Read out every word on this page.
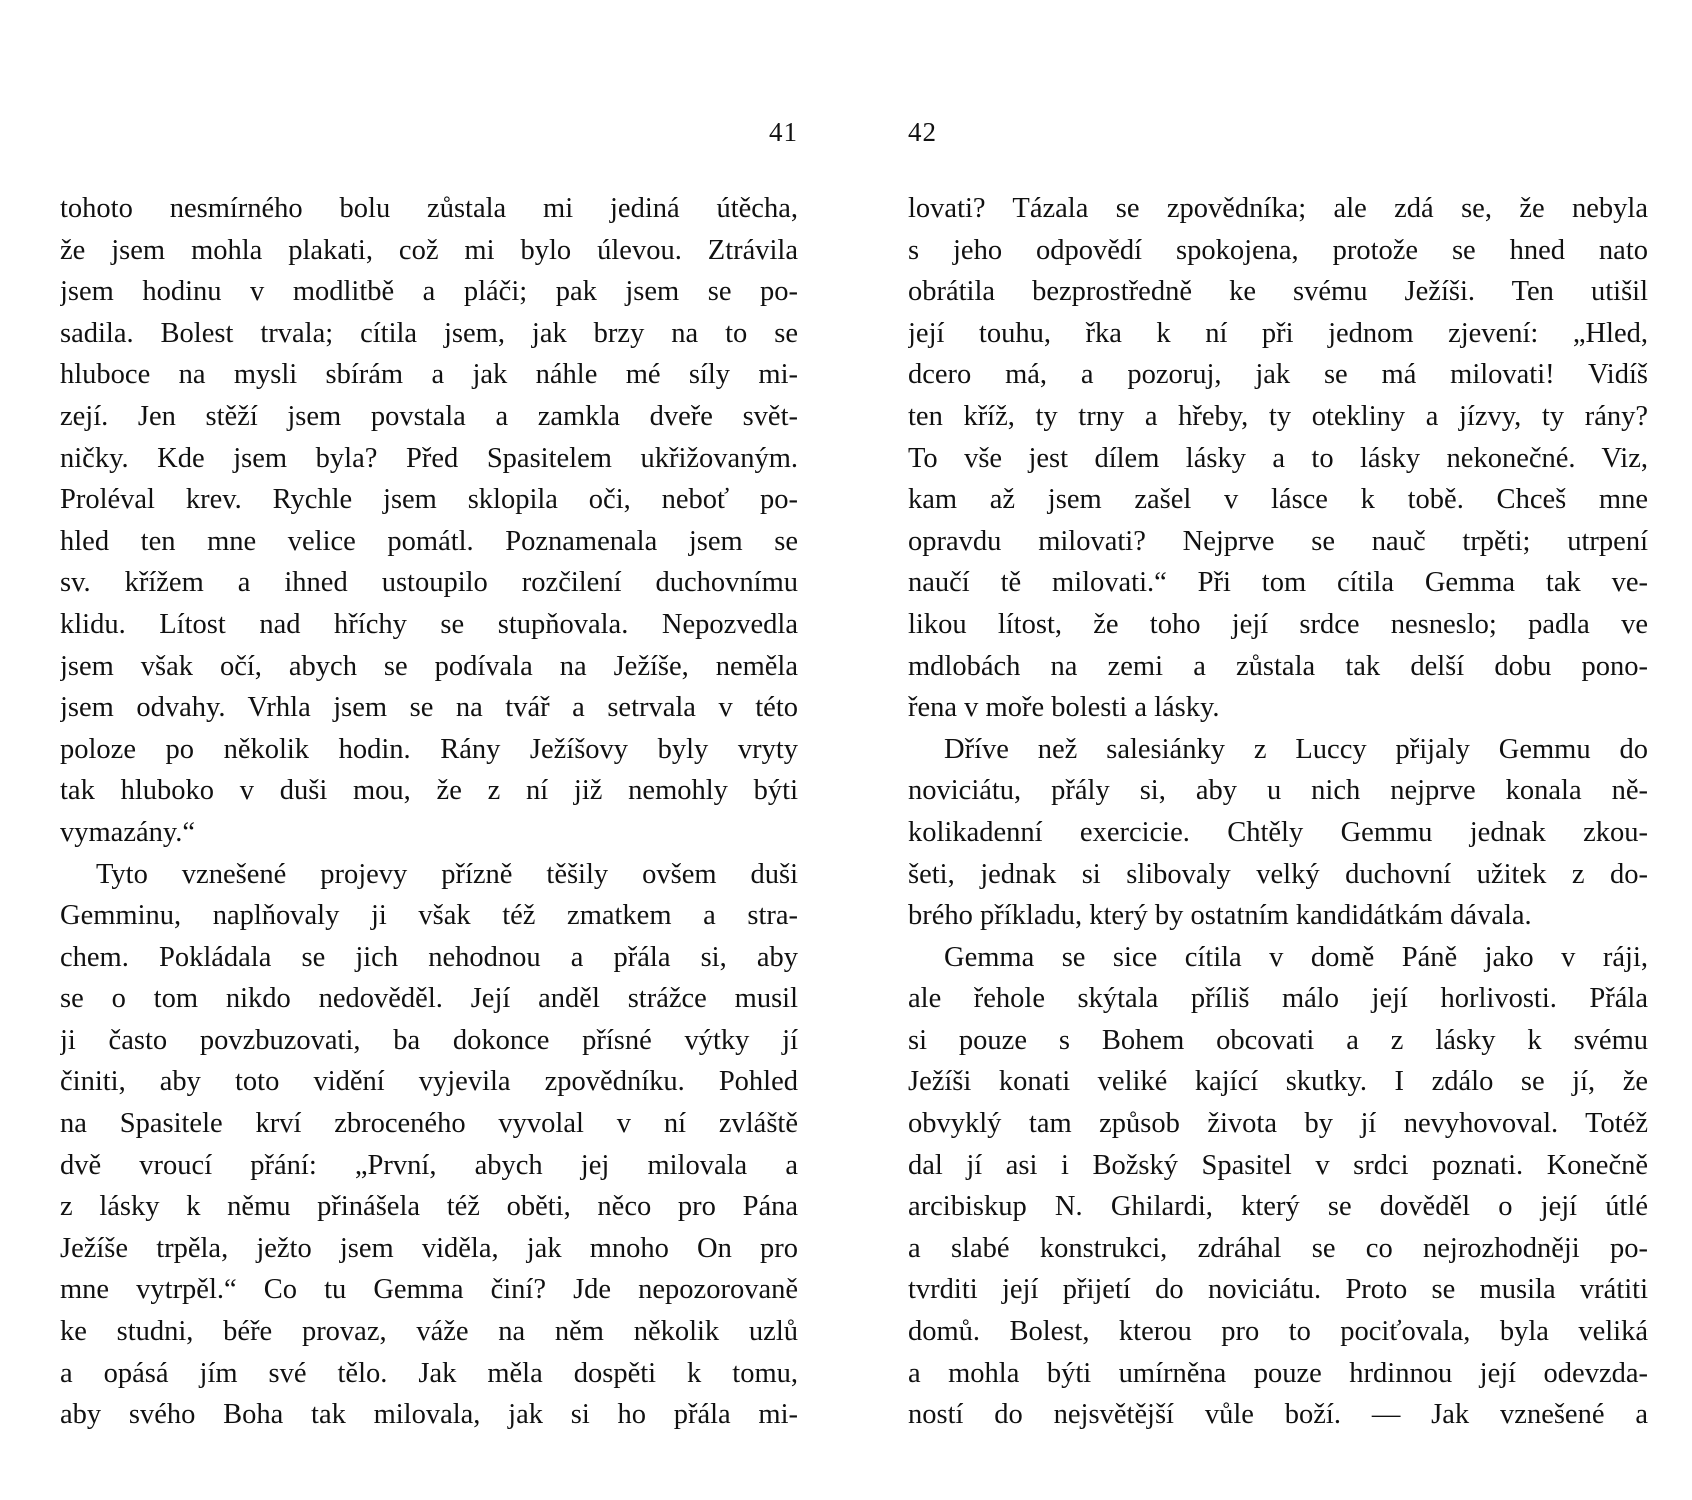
41
tohoto nesmírného bolu zůstala mi jediná útěcha,
že jsem mohla plakati, což mi bylo úlevou. Ztrávila
jsem hodinu v modlitbě a pláči; pak jsem se po-
sadila. Bolest trvala; cítila jsem, jak brzy na to se
hluboce na mysli sbírám a jak náhle mé síly mi-
zejí. Jen stěží jsem povstala a zamkla dveře svět-
ničky. Kde jsem byla? Před Spasitelem ukřižovaným.
Proléval krev. Rychle jsem sklopila oči, neboť po-
hled ten mne velice pomátl. Poznamenala jsem se
sv. křížem a ihned ustoupilo rozčilení duchovnímu
klidu. Lítost nad hříchy se stupňovala. Nepozvedla
jsem však očí, abych se podívala na Ježíše, neměla
jsem odvahy. Vrhla jsem se na tvář a setrvala v této
poloze po několik hodin. Rány Ježíšovy byly vryty
tak hluboko v duši mou, že z ní již nemohly býti
vymazány.“
Tyto vznešené projevy přízně těšily ovšem duši
Gemminu, naplňovaly ji však též zmatkem a stra-
chem. Pokládala se jich nehodnou a přála si, aby
se o tom nikdo nedověděl. Její anděl strážce musil
ji často povzbuzovati, ba dokonce přísné výtky jí
činiti, aby toto vidění vyjevila zpovědníku. Pohled
na Spasitele krví zbroceného vyvolal v ní zvláště
dvě vroucí přání: „První, abych jej milovala a
z lásky k němu přinášela též oběti, něco pro Pána
Ježíše trpěla, ježto jsem viděla, jak mnoho On pro
mne vytrpěl.“ Co tu Gemma činí? Jde nepozorovaně
ke studni, béře provaz, váže na něm několik uzlů
a opásá jím své tělo. Jak měla dospěti k tomu,
aby svého Boha tak milovala, jak si ho přála mi-
42
lovati? Tázala se zpovědníka; ale zdá se, že nebyla
s jeho odpovědí spokojena, protože se hned nato
obrátila bezprostředně ke svému Ježíši. Ten utišil
její touhu, řka k ní při jednom zjevení: „Hled,
dcero má, a pozoruj, jak se má milovati! Vidíš
ten kříž, ty trny a hřeby, ty otekliny a jízvy, ty rány?
To vše jest dílem lásky a to lásky nekonečné. Viz,
kam až jsem zašel v lásce k tobě. Chceš mne
opravdu milovati? Nejprve se nauč trpěti; utrpení
naučí tě milovati.“ Při tom cítila Gemma tak ve-
likou lítost, že toho její srdce nesneslo; padla ve
mdlobách na zemi a zůstala tak delší dobu pono-
řena v moře bolesti a lásky.
Dříve než salesiánky z Luccy přijaly Gemmu do
noviciátu, přály si, aby u nich nejprve konala ně-
kolikadenní exercicie. Chtěly Gemmu jednak zkou-
šeti, jednak si slibovaly velký duchovní užitek z do-
brého příkladu, který by ostatním kandidátkám dávala.
Gemma se sice cítila v domě Páně jako v ráji,
ale řehole skýtala příliš málo její horlivosti. Přála
si pouze s Bohem obcovati a z lásky k svému
Ježíši konati veliké kající skutky. I zdálo se jí, že
obvyklý tam způsob života by jí nevyhovoval. Totéž
dal jí asi i Božský Spasitel v srdci poznati. Konečně
arcibiskup N. Ghilardi, který se dověděl o její útlé
a slabé konstrukci, zdráhal se co nejrozhodněji po-
tvrditi její přijetí do noviciátu. Proto se musila vrátiti
domů. Bolest, kterou pro to pociťovala, byla veliká
a mohla býti umírněna pouze hrdinnou její odevzda-
ností do nejsvětější vůle boží. — Jak vznešené a
